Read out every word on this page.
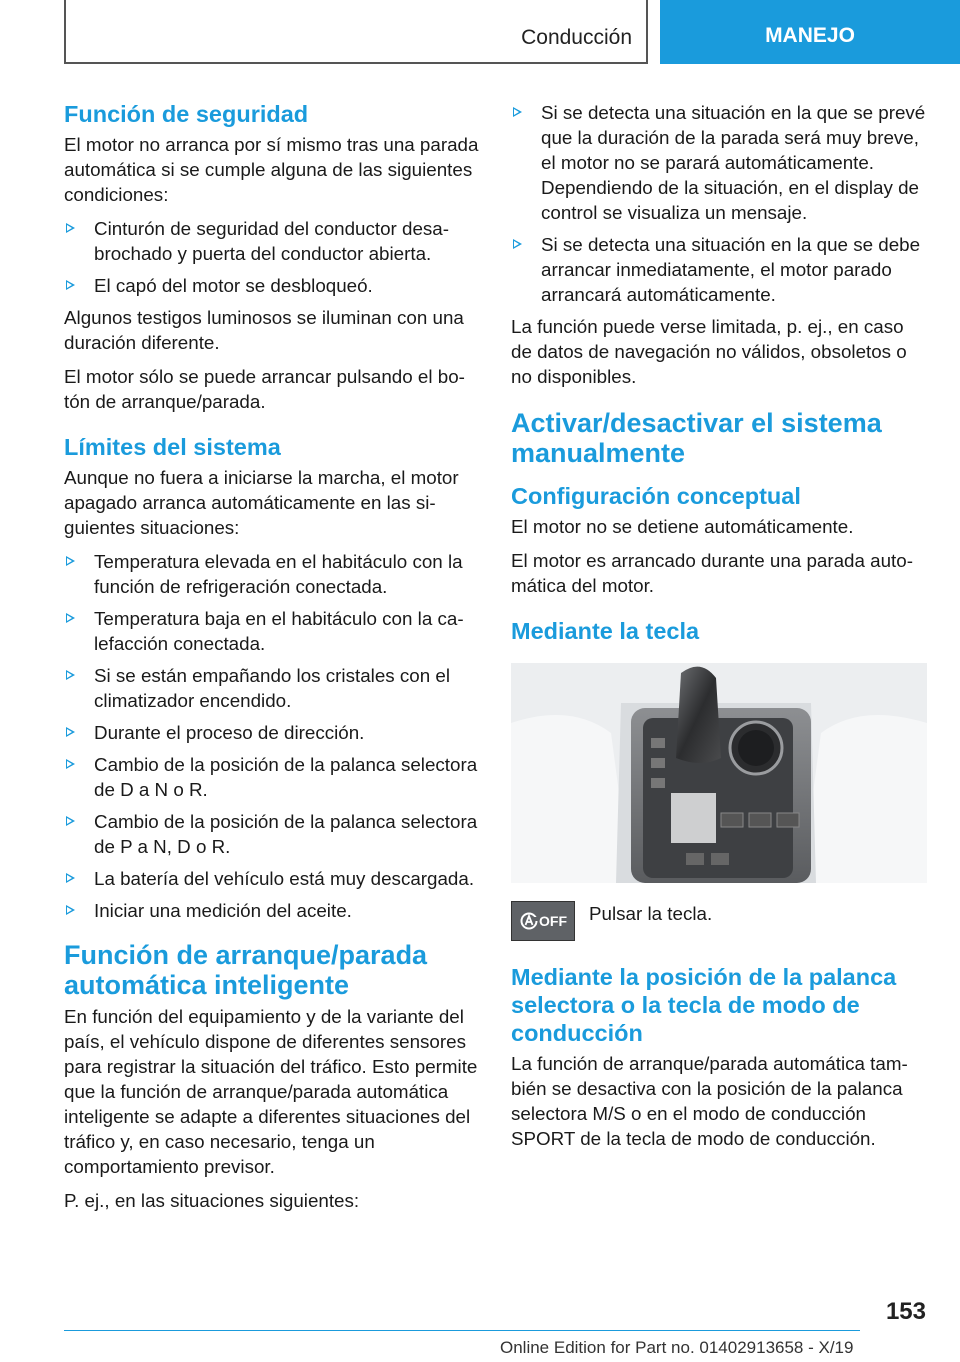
Conducción	MANEJO
Función de seguridad

El motor no arranca por sí mismo tras una parada automática si se cumple alguna de las siguientes condiciones:

Cinturón de seguridad del conductor desabrochado y puerta del conductor abierta.
El capó del motor se desbloqueó.

Algunos testigos luminosos se iluminan con una duración diferente.

El motor sólo se puede arrancar pulsando el botón de arranque/parada.

Límites del sistema

Aunque no fuera a iniciarse la marcha, el motor apagado arranca automáticamente en las siguientes situaciones:

Temperatura elevada en el habitáculo con la función de refrigeración conectada.
Temperatura baja en el habitáculo con la calefacción conectada.
Si se están empañando los cristales con el climatizador encendido.
Durante el proceso de dirección.
Cambio de la posición de la palanca selectora de D a N o R.
Cambio de la posición de la palanca selectora de P a N, D o R.
La batería del vehículo está muy descargada.
Iniciar una medición del aceite.
Función de arranque/parada automática inteligente

En función del equipamiento y de la variante del país, el vehículo dispone de diferentes sensores para registrar la situación del tráfico. Esto permite que la función de arranque/parada automática inteligente se adapte a diferentes situaciones del tráfico y, en caso necesario, tenga un comportamiento previsor.

P. ej., en las situaciones siguientes:

Si se detecta una situación en la que se prevé que la duración de la parada será muy breve, el motor no se parará automáticamente. Dependiendo de la situación, en el display de control se visualiza un mensaje.
Si se detecta una situación en la que se debe arrancar inmediatamente, el motor parado arrancará automáticamente.

La función puede verse limitada, p. ej., en caso de datos de navegación no válidos, obsoletos o no disponibles.

Activar/desactivar el sistema manualmente
Configuración conceptual

El motor no se detiene automáticamente.

El motor es arrancado durante una parada automática del motor.

Mediante la tecla
OFF Pulsar la tecla.

Mediante la posición de la palanca selectora o la tecla de modo de conducción

La función de arranque/parada automática también se desactiva con la posición de la palanca selectora M/S o en el modo de conducción SPORT de la tecla de modo de conducción.

153
Online Edition for Part no. 01402913658 - X/19
